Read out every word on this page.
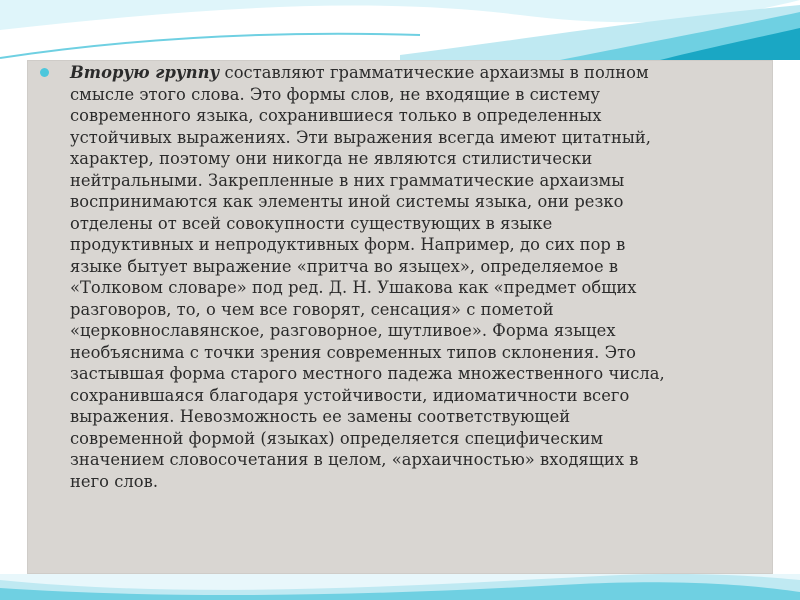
Вторую группу составляют грамматические архаизмы в полном
смысле этого слова. Это формы слов, не входящие в систему
современного языка, сохранившиеся только в определенных
устойчивых выражениях. Эти выражения всегда имеют цитатный,
характер, поэтому они никогда не являются стилистически
нейтральными. Закрепленные в них грамматические архаизмы
воспринимаются как элементы иной системы языка, они резко
отделены от всей совокупности существующих в языке
продуктивных и непродуктивных форм. Например, до сих пор в
языке бытует выражение «притча во языцех», определяемое в
«Толковом словаре» под ред. Д. Н. Ушакова как «предмет общих
разговоров, то, о чем все говорят, сенсация» с пометой
«церковнославянское, разговорное, шутливое». Форма языцех
необъяснима с точки зрения современных типов склонения. Это
застывшая форма старого местного падежа множественного числа,
сохранившаяся благодаря устойчивости, идиоматичности всего
выражения. Невозможность ее замены соответствующей
современной формой (языках) определяется специфическим
значением словосочетания в целом, «архаичностью» входящих в
него слов.
